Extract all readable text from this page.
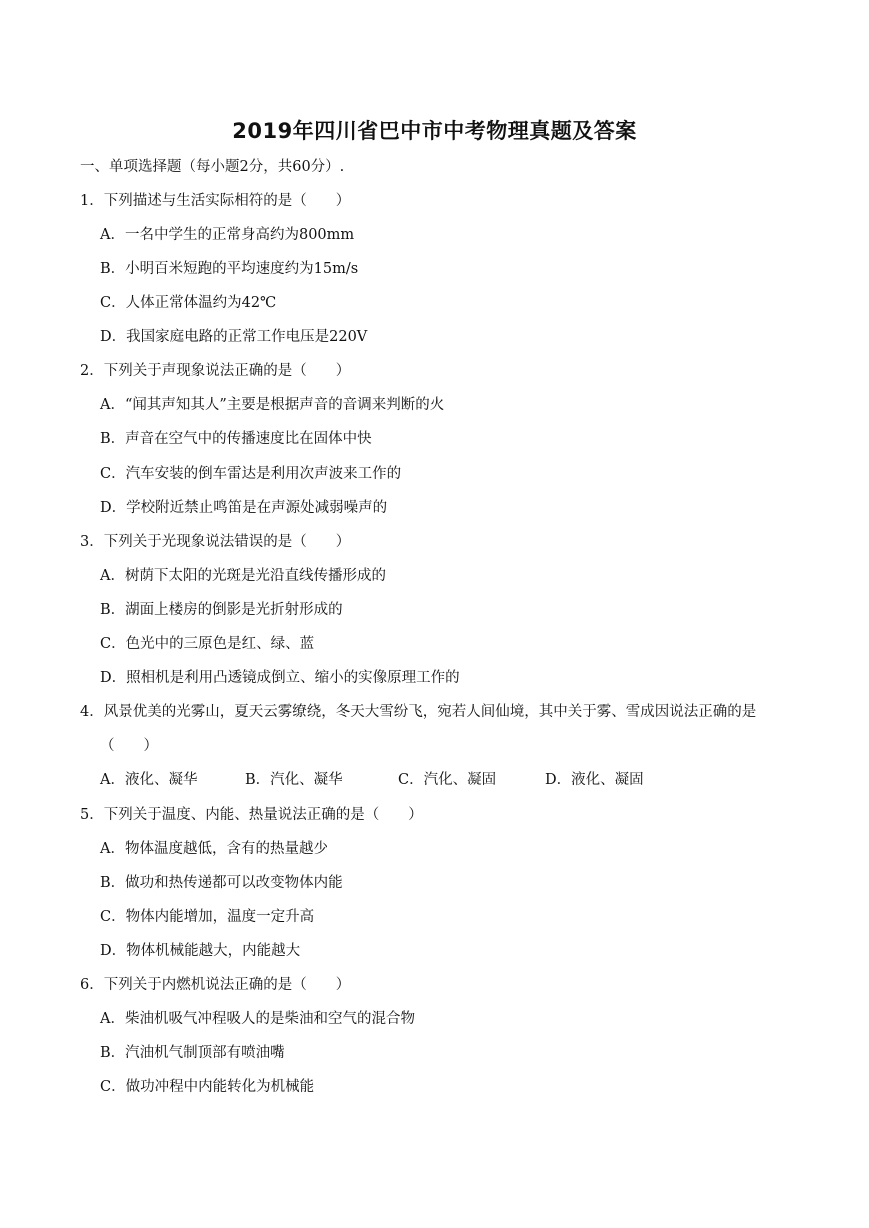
2019年四川省巴中市中考物理真题及答案
一、单项选择题（每小题2分，共60分）.
1．下列描述与生活实际相符的是（　　）
A．一名中学生的正常身高约为800mm
B．小明百米短跑的平均速度约为15m/s
C．人体正常体温约为42℃
D．我国家庭电路的正常工作电压是220V
2．下列关于声现象说法正确的是（　　）
A．“闻其声知其人”主要是根据声音的音调来判断的火
B．声音在空气中的传播速度比在固体中快
C．汽车安装的倒车雷达是利用次声波来工作的
D．学校附近禁止鸣笛是在声源处减弱噪声的
3．下列关于光现象说法错误的是（　　）
A．树荫下太阳的光斑是光沿直线传播形成的
B．湖面上楼房的倒影是光折射形成的
C．色光中的三原色是红、绿、蓝
D．照相机是利用凸透镜成倒立、缩小的实像原理工作的
4．风景优美的光雾山，夏天云雾缭绕，冬天大雪纷飞，宛若人间仙境，其中关于雾、雪成因说法正确的是
（　　）
A．液化、凝华	B．汽化、凝华	C．汽化、凝固	D．液化、凝固
5．下列关于温度、内能、热量说法正确的是（　　）
A．物体温度越低，含有的热量越少
B．做功和热传递都可以改变物体内能
C．物体内能增加，温度一定升高
D．物体机械能越大，内能越大
6．下列关于内燃机说法正确的是（　　）
A．柴油机吸气冲程吸人的是柴油和空气的混合物
B．汽油机气制顶部有喷油嘴
C．做功冲程中内能转化为机械能
